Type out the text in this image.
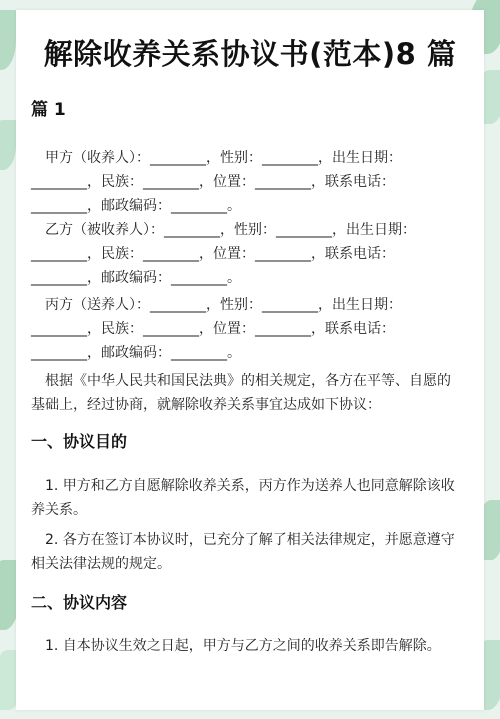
解除收养关系协议书(范本)8 篇
篇 1
甲方（收养人）：________，性别：________，出生日期：
________，民族：________，位置：________，联系电话：
________，邮政编码：________。
乙方（被收养人）：________，性别：________，出生日期：
________，民族：________，位置：________，联系电话：
________，邮政编码：________。
丙方（送养人）：________，性别：________，出生日期：
________，民族：________，位置：________，联系电话：
________，邮政编码：________。
根据《中华人民共和国民法典》的相关规定，各方在平等、自愿的
基础上，经过协商，就解除收养关系事宜达成如下协议：
一、协议目的
1. 甲方和乙方自愿解除收养关系，丙方作为送养人也同意解除该收
养关系。
2. 各方在签订本协议时，已充分了解了相关法律规定，并愿意遵守
相关法律法规的规定。
二、协议内容
1. 自本协议生效之日起，甲方与乙方之间的收养关系即告解除。
